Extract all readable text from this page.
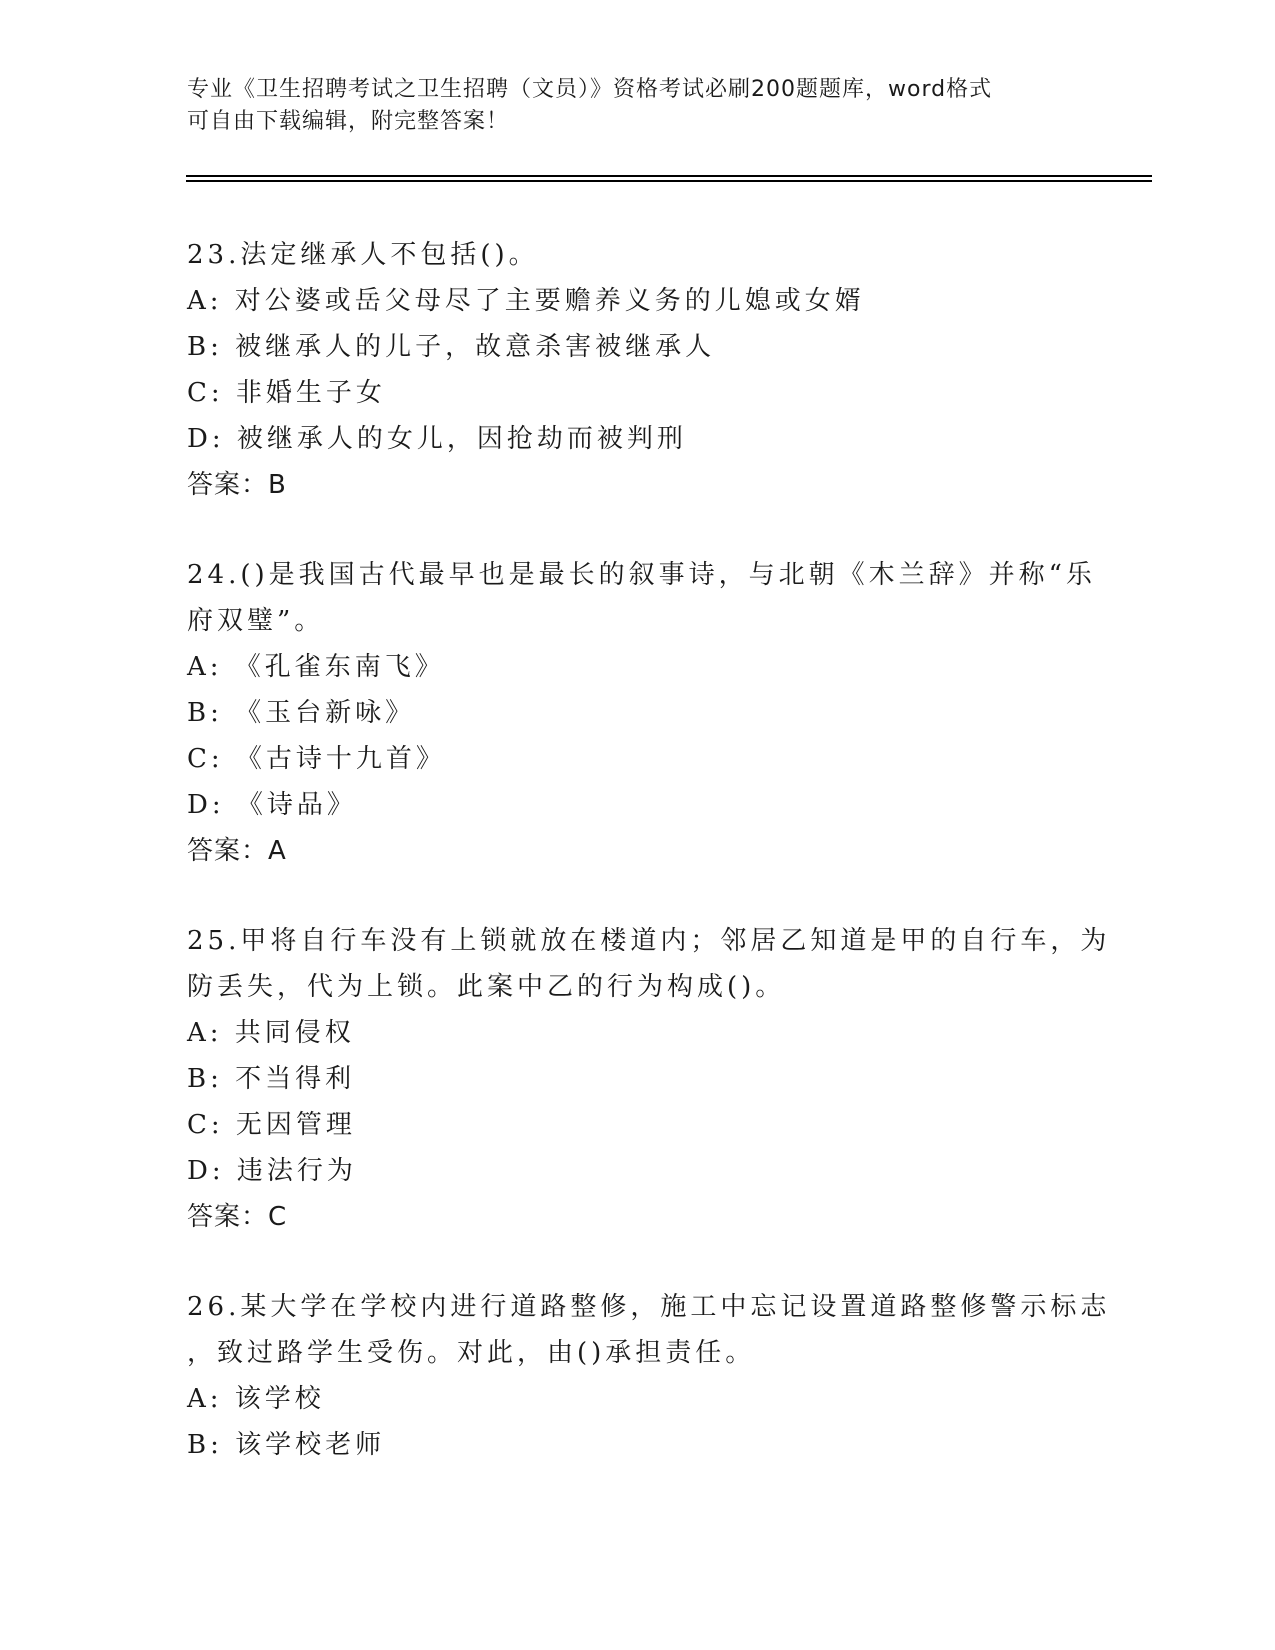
专业《卫生招聘考试之卫生招聘（文员）》资格考试必刷200题题库，word格式
可自由下载编辑，附完整答案！
23.法定继承人不包括()。
A: 对公婆或岳父母尽了主要赡养义务的儿媳或女婿
B: 被继承人的儿子，故意杀害被继承人
C: 非婚生子女
D: 被继承人的女儿，因抢劫而被判刑
答案：B
24.()是我国古代最早也是最长的叙事诗，与北朝《木兰辞》并称“乐
府双璧”。
A: 《孔雀东南飞》
B: 《玉台新咏》
C: 《古诗十九首》
D: 《诗品》
答案：A
25.甲将自行车没有上锁就放在楼道内；邻居乙知道是甲的自行车，为
防丢失，代为上锁。此案中乙的行为构成()。
A: 共同侵权
B: 不当得利
C: 无因管理
D: 违法行为
答案：C
26.某大学在学校内进行道路整修，施工中忘记设置道路整修警示标志
，致过路学生受伤。对此，由()承担责任。
A: 该学校
B: 该学校老师
